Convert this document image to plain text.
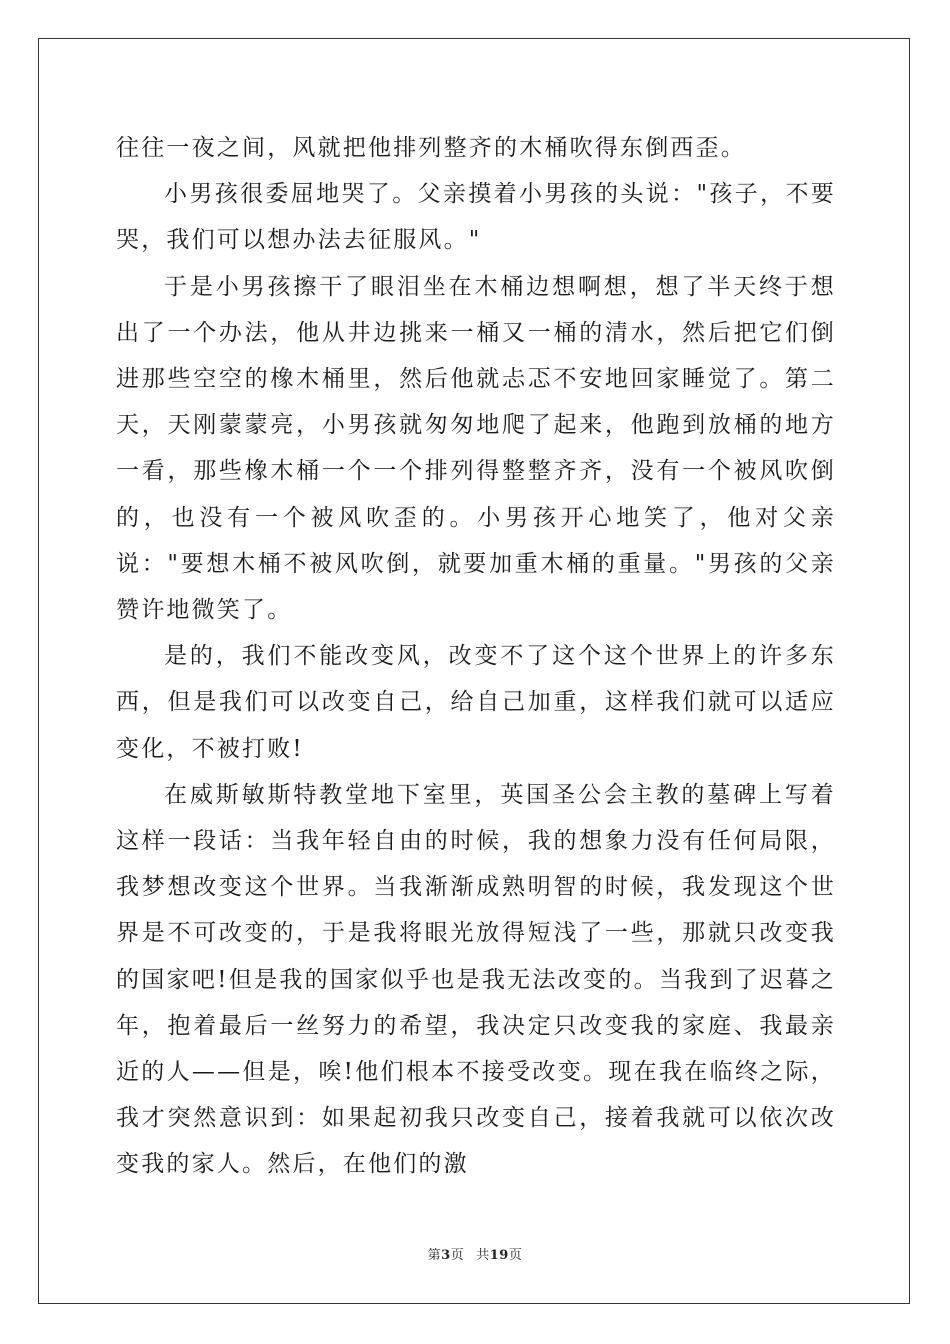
往往一夜之间，风就把他排列整齐的木桶吹得东倒西歪。

小男孩很委屈地哭了。父亲摸着小男孩的头说："孩子，不要哭，我们可以想办法去征服风。"

于是小男孩擦干了眼泪坐在木桶边想啊想，想了半天终于想出了一个办法，他从井边挑来一桶又一桶的清水，然后把它们倒进那些空空的橡木桶里，然后他就忐忑不安地回家睡觉了。第二天，天刚蒙蒙亮，小男孩就匆匆地爬了起来，他跑到放桶的地方一看，那些橡木桶一个一个排列得整整齐齐，没有一个被风吹倒的，也没有一个被风吹歪的。小男孩开心地笑了，他对父亲说："要想木桶不被风吹倒，就要加重木桶的重量。"男孩的父亲赞许地微笑了。

是的，我们不能改变风，改变不了这个这个世界上的许多东西，但是我们可以改变自己，给自己加重，这样我们就可以适应变化，不被打败!

在威斯敏斯特教堂地下室里，英国圣公会主教的墓碑上写着这样一段话：当我年轻自由的时候，我的想象力没有任何局限，我梦想改变这个世界。当我渐渐成熟明智的时候，我发现这个世界是不可改变的，于是我将眼光放得短浅了一些，那就只改变我的国家吧!但是我的国家似乎也是我无法改变的。当我到了迟暮之年，抱着最后一丝努力的希望，我决定只改变我的家庭、我最亲近的人——但是，唉!他们根本不接受改变。现在我在临终之际，我才突然意识到：如果起初我只改变自己，接着我就可以依次改变我的家人。然后，在他们的激

第3页 共19页
